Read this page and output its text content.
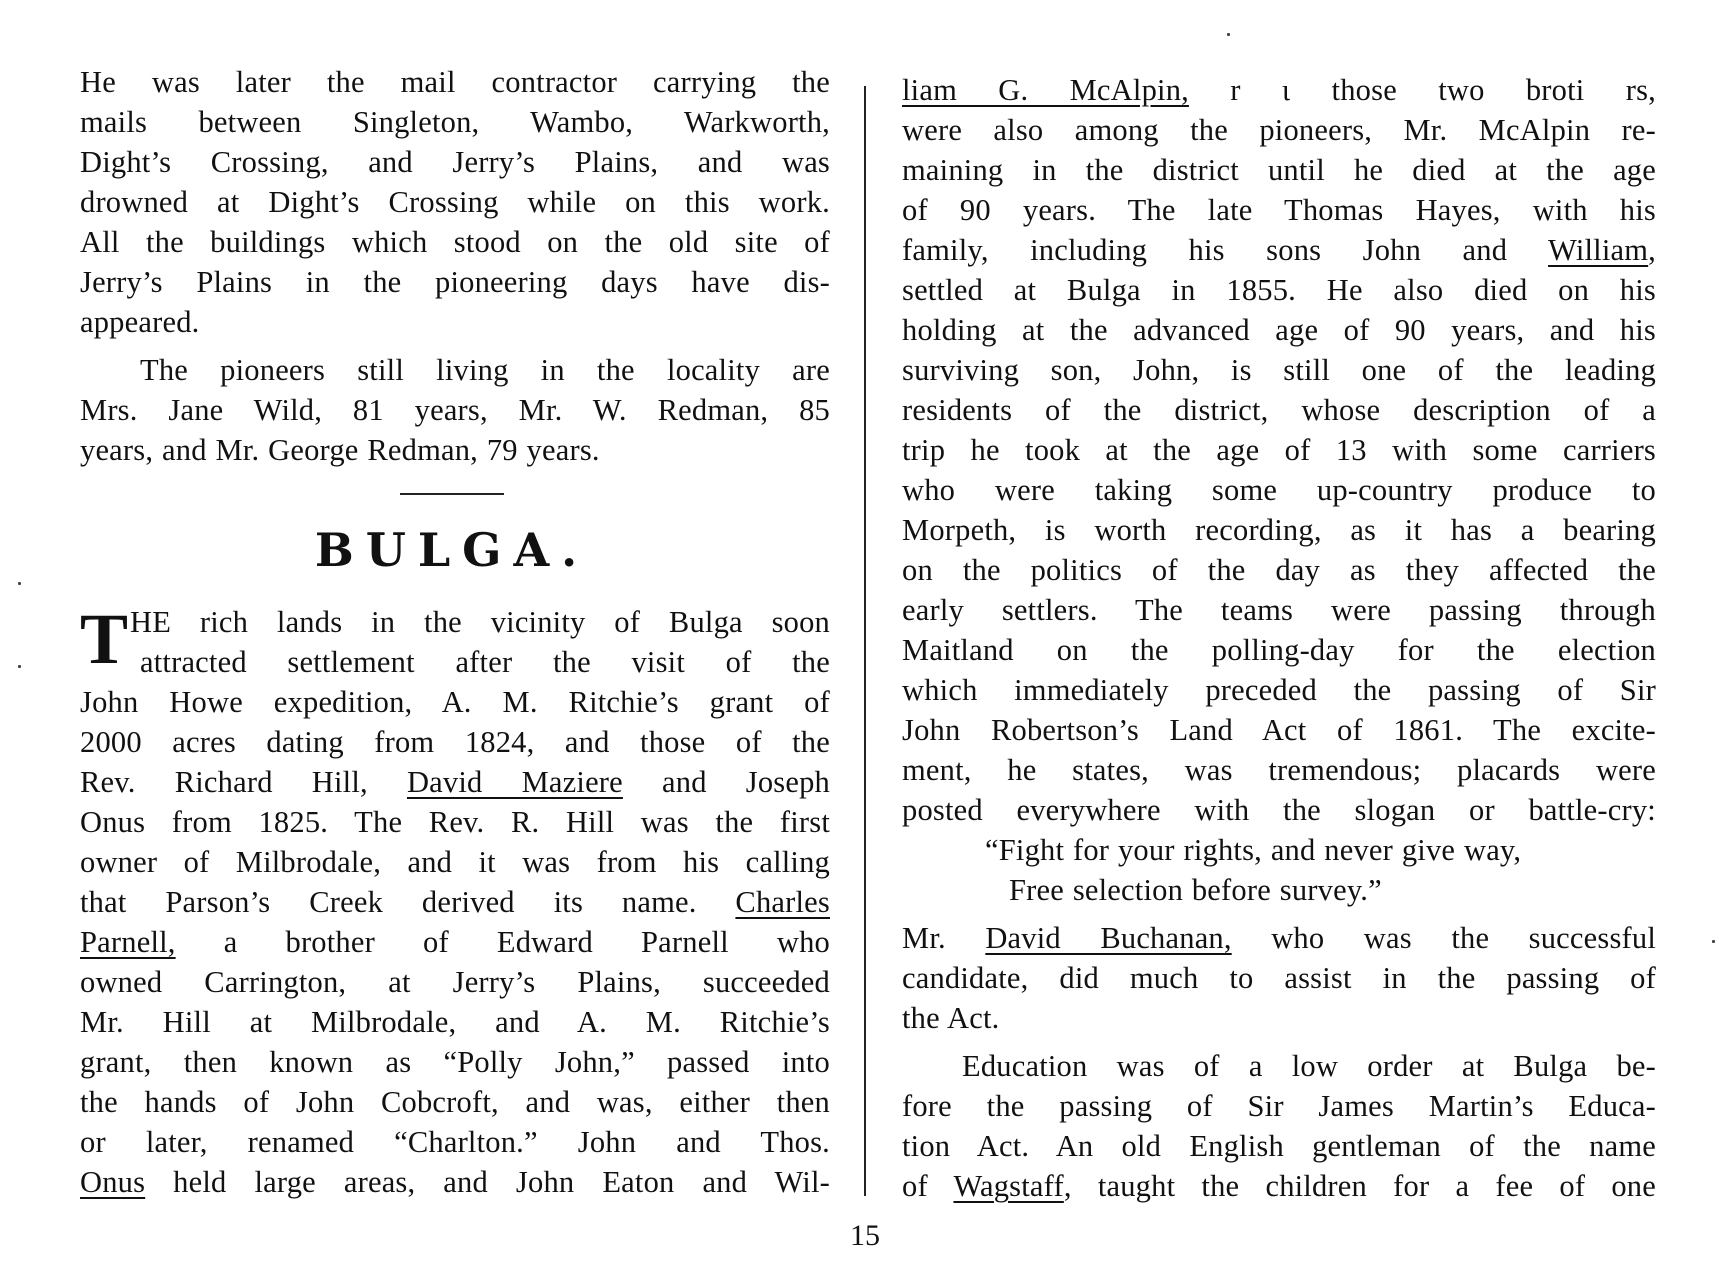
He was later the mail contractor carrying the
mails between Singleton, Wambo, Warkworth,
Dight’s Crossing, and Jerry’s Plains, and was
drowned at Dight’s Crossing while on this work.
All the buildings which stood on the old site of
Jerry’s Plains in the pioneering days have dis-
appeared.
The pioneers still living in the locality are
Mrs. Jane Wild, 81 years, Mr. W. Redman, 85
years, and Mr. George Redman, 79 years.
BULGA.
T HE rich lands in the vicinity of Bulga soon
attracted settlement after the visit of the
John Howe expedition, A. M. Ritchie’s grant of
2000 acres dating from 1824, and those of the
Rev. Richard Hill, David Maziere and Joseph
Onus from 1825. The Rev. R. Hill was the first
owner of Milbrodale, and it was from his calling
that Parson’s Creek derived its name. Charles
Parnell, a brother of Edward Parnell who
owned Carrington, at Jerry’s Plains, succeeded
Mr. Hill at Milbrodale, and A. M. Ritchie’s
grant, then known as “Polly John,” passed into
the hands of John Cobcroft, and was, either then
or later, renamed “Charlton.” John and Thos.
Onus held large areas, and John Eaton and Wil-
liam G. McAlpin, r ι those two broti rs,
were also among the pioneers, Mr. McAlpin re-
maining in the district until he died at the age
of 90 years. The late Thomas Hayes, with his
family, including his sons John and William,
settled at Bulga in 1855. He also died on his
holding at the advanced age of 90 years, and his
surviving son, John, is still one of the leading
residents of the district, whose description of a
trip he took at the age of 13 with some carriers
who were taking some up-country produce to
Morpeth, is worth recording, as it has a bearing
on the politics of the day as they affected the
early settlers. The teams were passing through
Maitland on the polling-day for the election
which immediately preceded the passing of Sir
John Robertson’s Land Act of 1861. The excite-
ment, he states, was tremendous; placards were
posted everywhere with the slogan or battle-cry:
“Fight for your rights, and never give way,
Free selection before survey.”
Mr. David Buchanan, who was the successful
candidate, did much to assist in the passing of
the Act.
Education was of a low order at Bulga be-
fore the passing of Sir James Martin’s Educa-
tion Act. An old English gentleman of the name
of Wagstaff, taught the children for a fee of one
15
